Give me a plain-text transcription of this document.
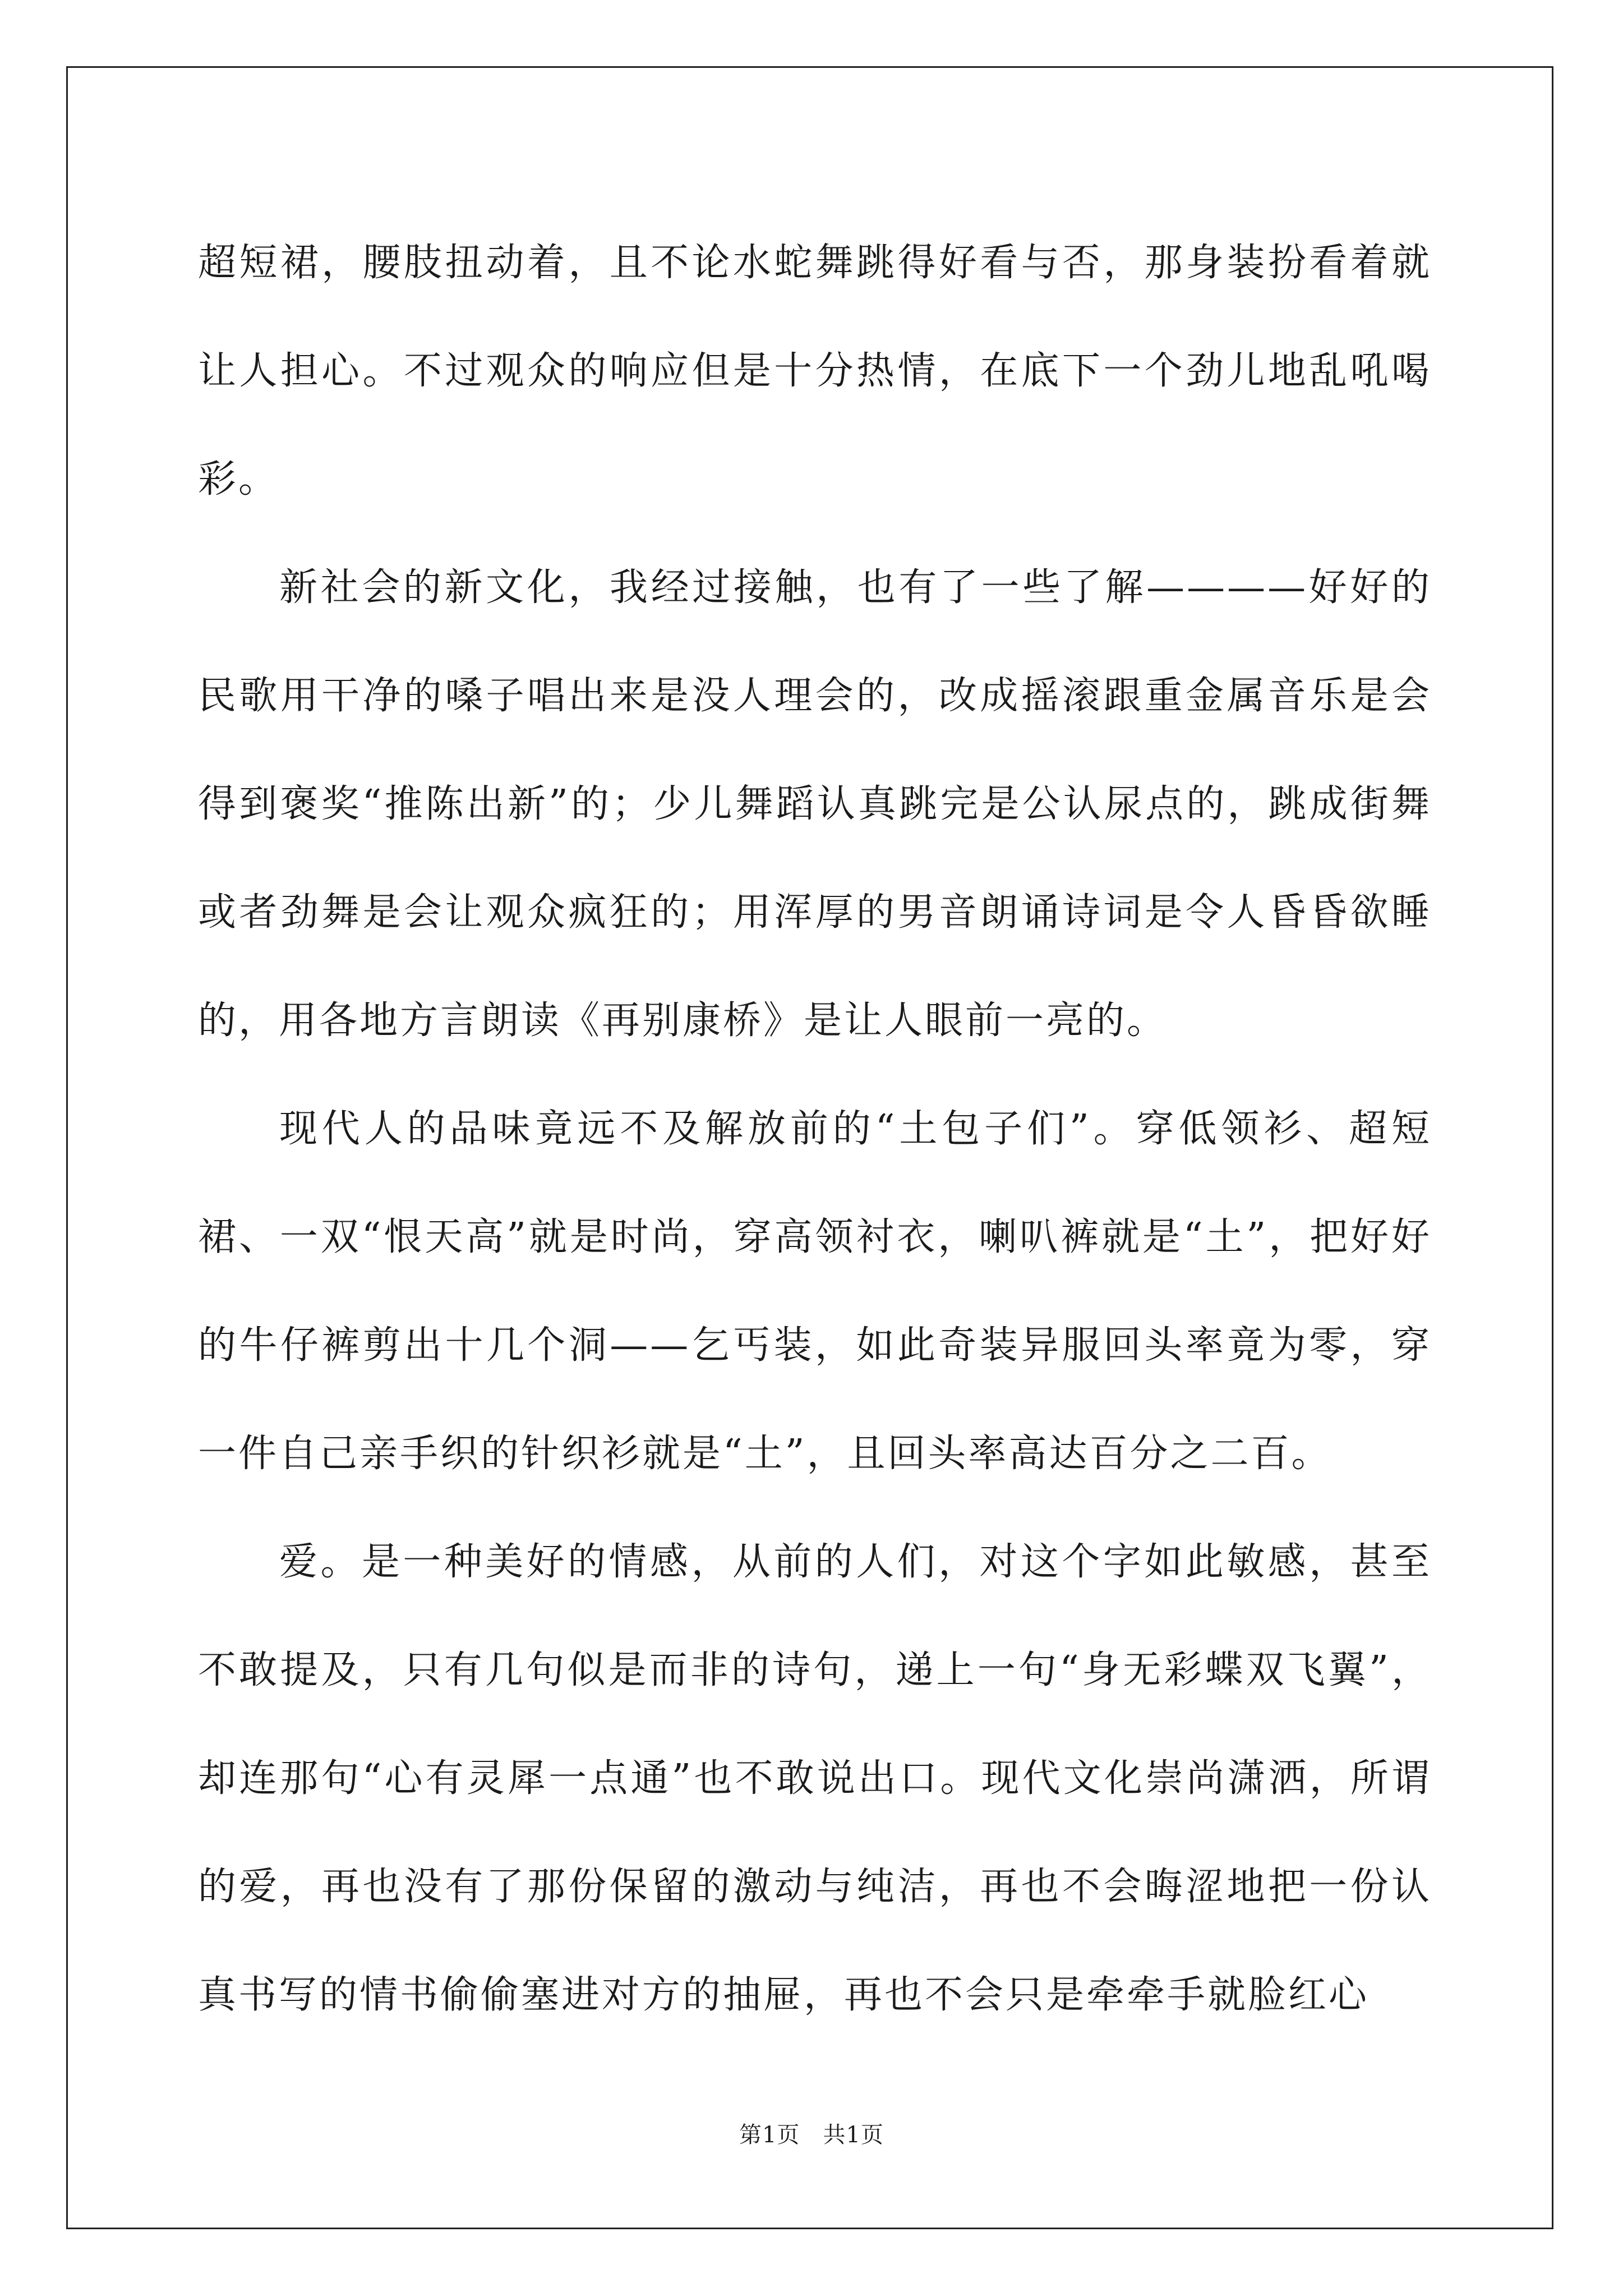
超短裙，腰肢扭动着，且不论水蛇舞跳得好看与否，那身装扮看着就让人担心。不过观众的响应但是十分热情，在底下一个劲儿地乱吼喝彩。

新社会的新文化，我经过接触，也有了一些了解————好好的民歌用干净的嗓子唱出来是没人理会的，改成摇滚跟重金属音乐是会得到褒奖“推陈出新”的；少儿舞蹈认真跳完是公认尿点的，跳成街舞或者劲舞是会让观众疯狂的；用浑厚的男音朗诵诗词是令人昏昏欲睡的，用各地方言朗读《再别康桥》是让人眼前一亮的。

现代人的品味竟远不及解放前的“土包子们”。穿低领衫、超短裙、一双“恨天高”就是时尚，穿高领衬衣，喇叭裤就是“土”，把好好的牛仔裤剪出十几个洞——乞丐装，如此奇装异服回头率竟为零，穿一件自己亲手织的针织衫就是“土”，且回头率高达百分之二百。

爱。是一种美好的情感，从前的人们，对这个字如此敏感，甚至不敢提及，只有几句似是而非的诗句，递上一句“身无彩蝶双飞翼”，却连那句“心有灵犀一点通”也不敢说出口。现代文化崇尚潇洒，所谓的爱，再也没有了那份保留的激动与纯洁，再也不会晦涩地把一份认真书写的情书偷偷塞进对方的抽屉，再也不会只是牵牵手就脸红心

第1页   共1页
